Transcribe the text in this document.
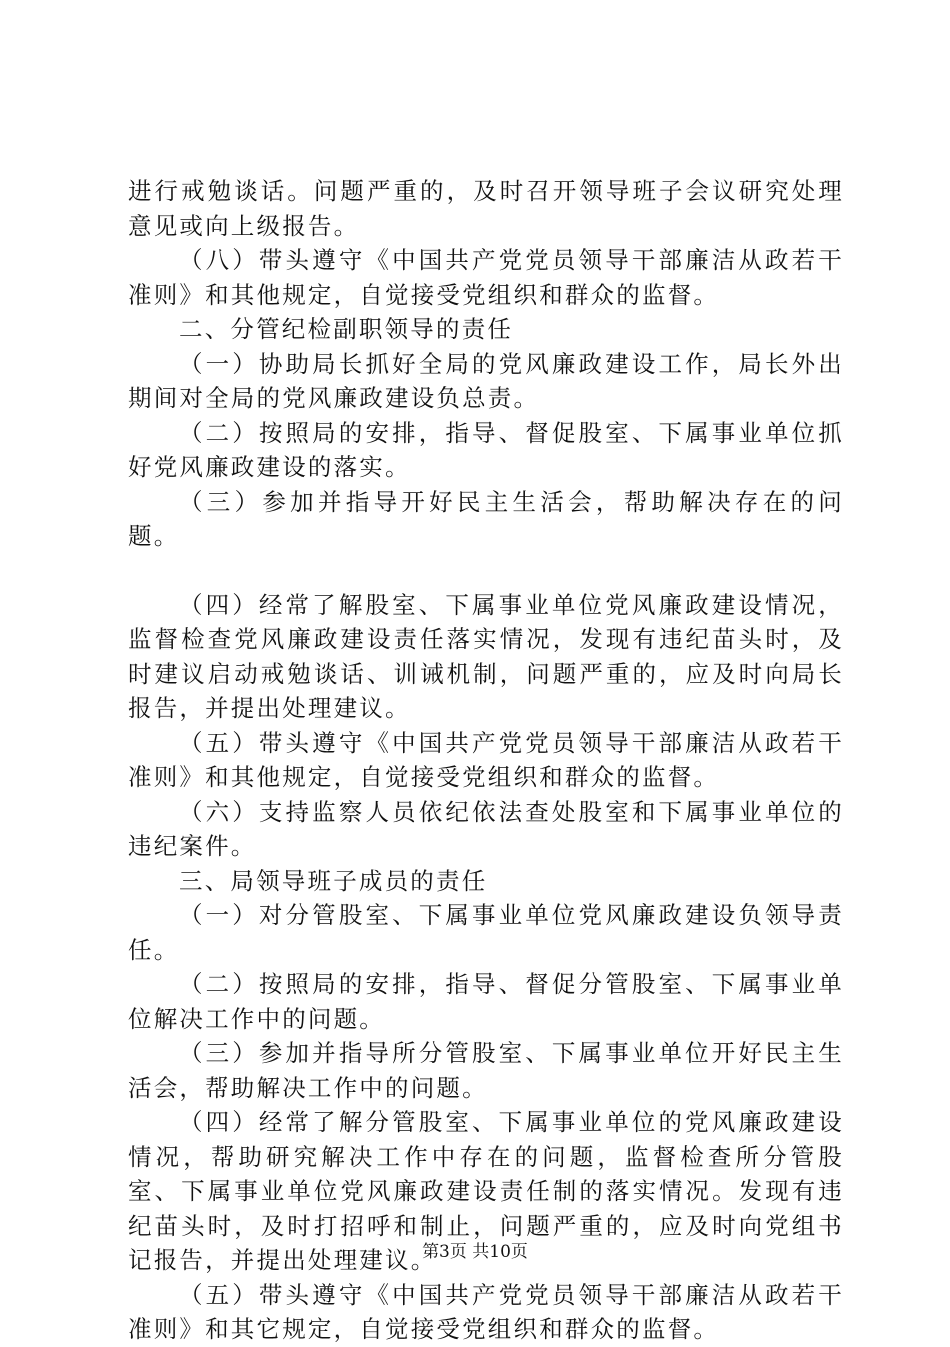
进行戒勉谈话。问题严重的，及时召开领导班子会议研究处理意见或向上级报告。

（八）带头遵守《中国共产党党员领导干部廉洁从政若干准则》和其他规定，自觉接受党组织和群众的监督。

二、分管纪检副职领导的责任

（一）协助局长抓好全局的党风廉政建设工作，局长外出期间对全局的党风廉政建设负总责。

（二）按照局的安排，指导、督促股室、下属事业单位抓好党风廉政建设的落实。

（三）参加并指导开好民主生活会，帮助解决存在的问题。

（四）经常了解股室、下属事业单位党风廉政建设情况，监督检查党风廉政建设责任落实情况，发现有违纪苗头时，及时建议启动戒勉谈话、训诫机制，问题严重的，应及时向局长报告，并提出处理建议。

（五）带头遵守《中国共产党党员领导干部廉洁从政若干准则》和其他规定，自觉接受党组织和群众的监督。

（六）支持监察人员依纪依法查处股室和下属事业单位的违纪案件。

三、局领导班子成员的责任

（一）对分管股室、下属事业单位党风廉政建设负领导责任。

（二）按照局的安排，指导、督促分管股室、下属事业单位解决工作中的问题。

（三）参加并指导所分管股室、下属事业单位开好民主生活会，帮助解决工作中的问题。

（四）经常了解分管股室、下属事业单位的党风廉政建设情况，帮助研究解决工作中存在的问题，监督检查所分管股室、下属事业单位党风廉政建设责任制的落实情况。发现有违纪苗头时，及时打招呼和制止，问题严重的，应及时向党组书记报告，并提出处理建议。

（五）带头遵守《中国共产党党员领导干部廉洁从政若干准则》和其它规定，自觉接受党组织和群众的监督。

第3页 共10页
